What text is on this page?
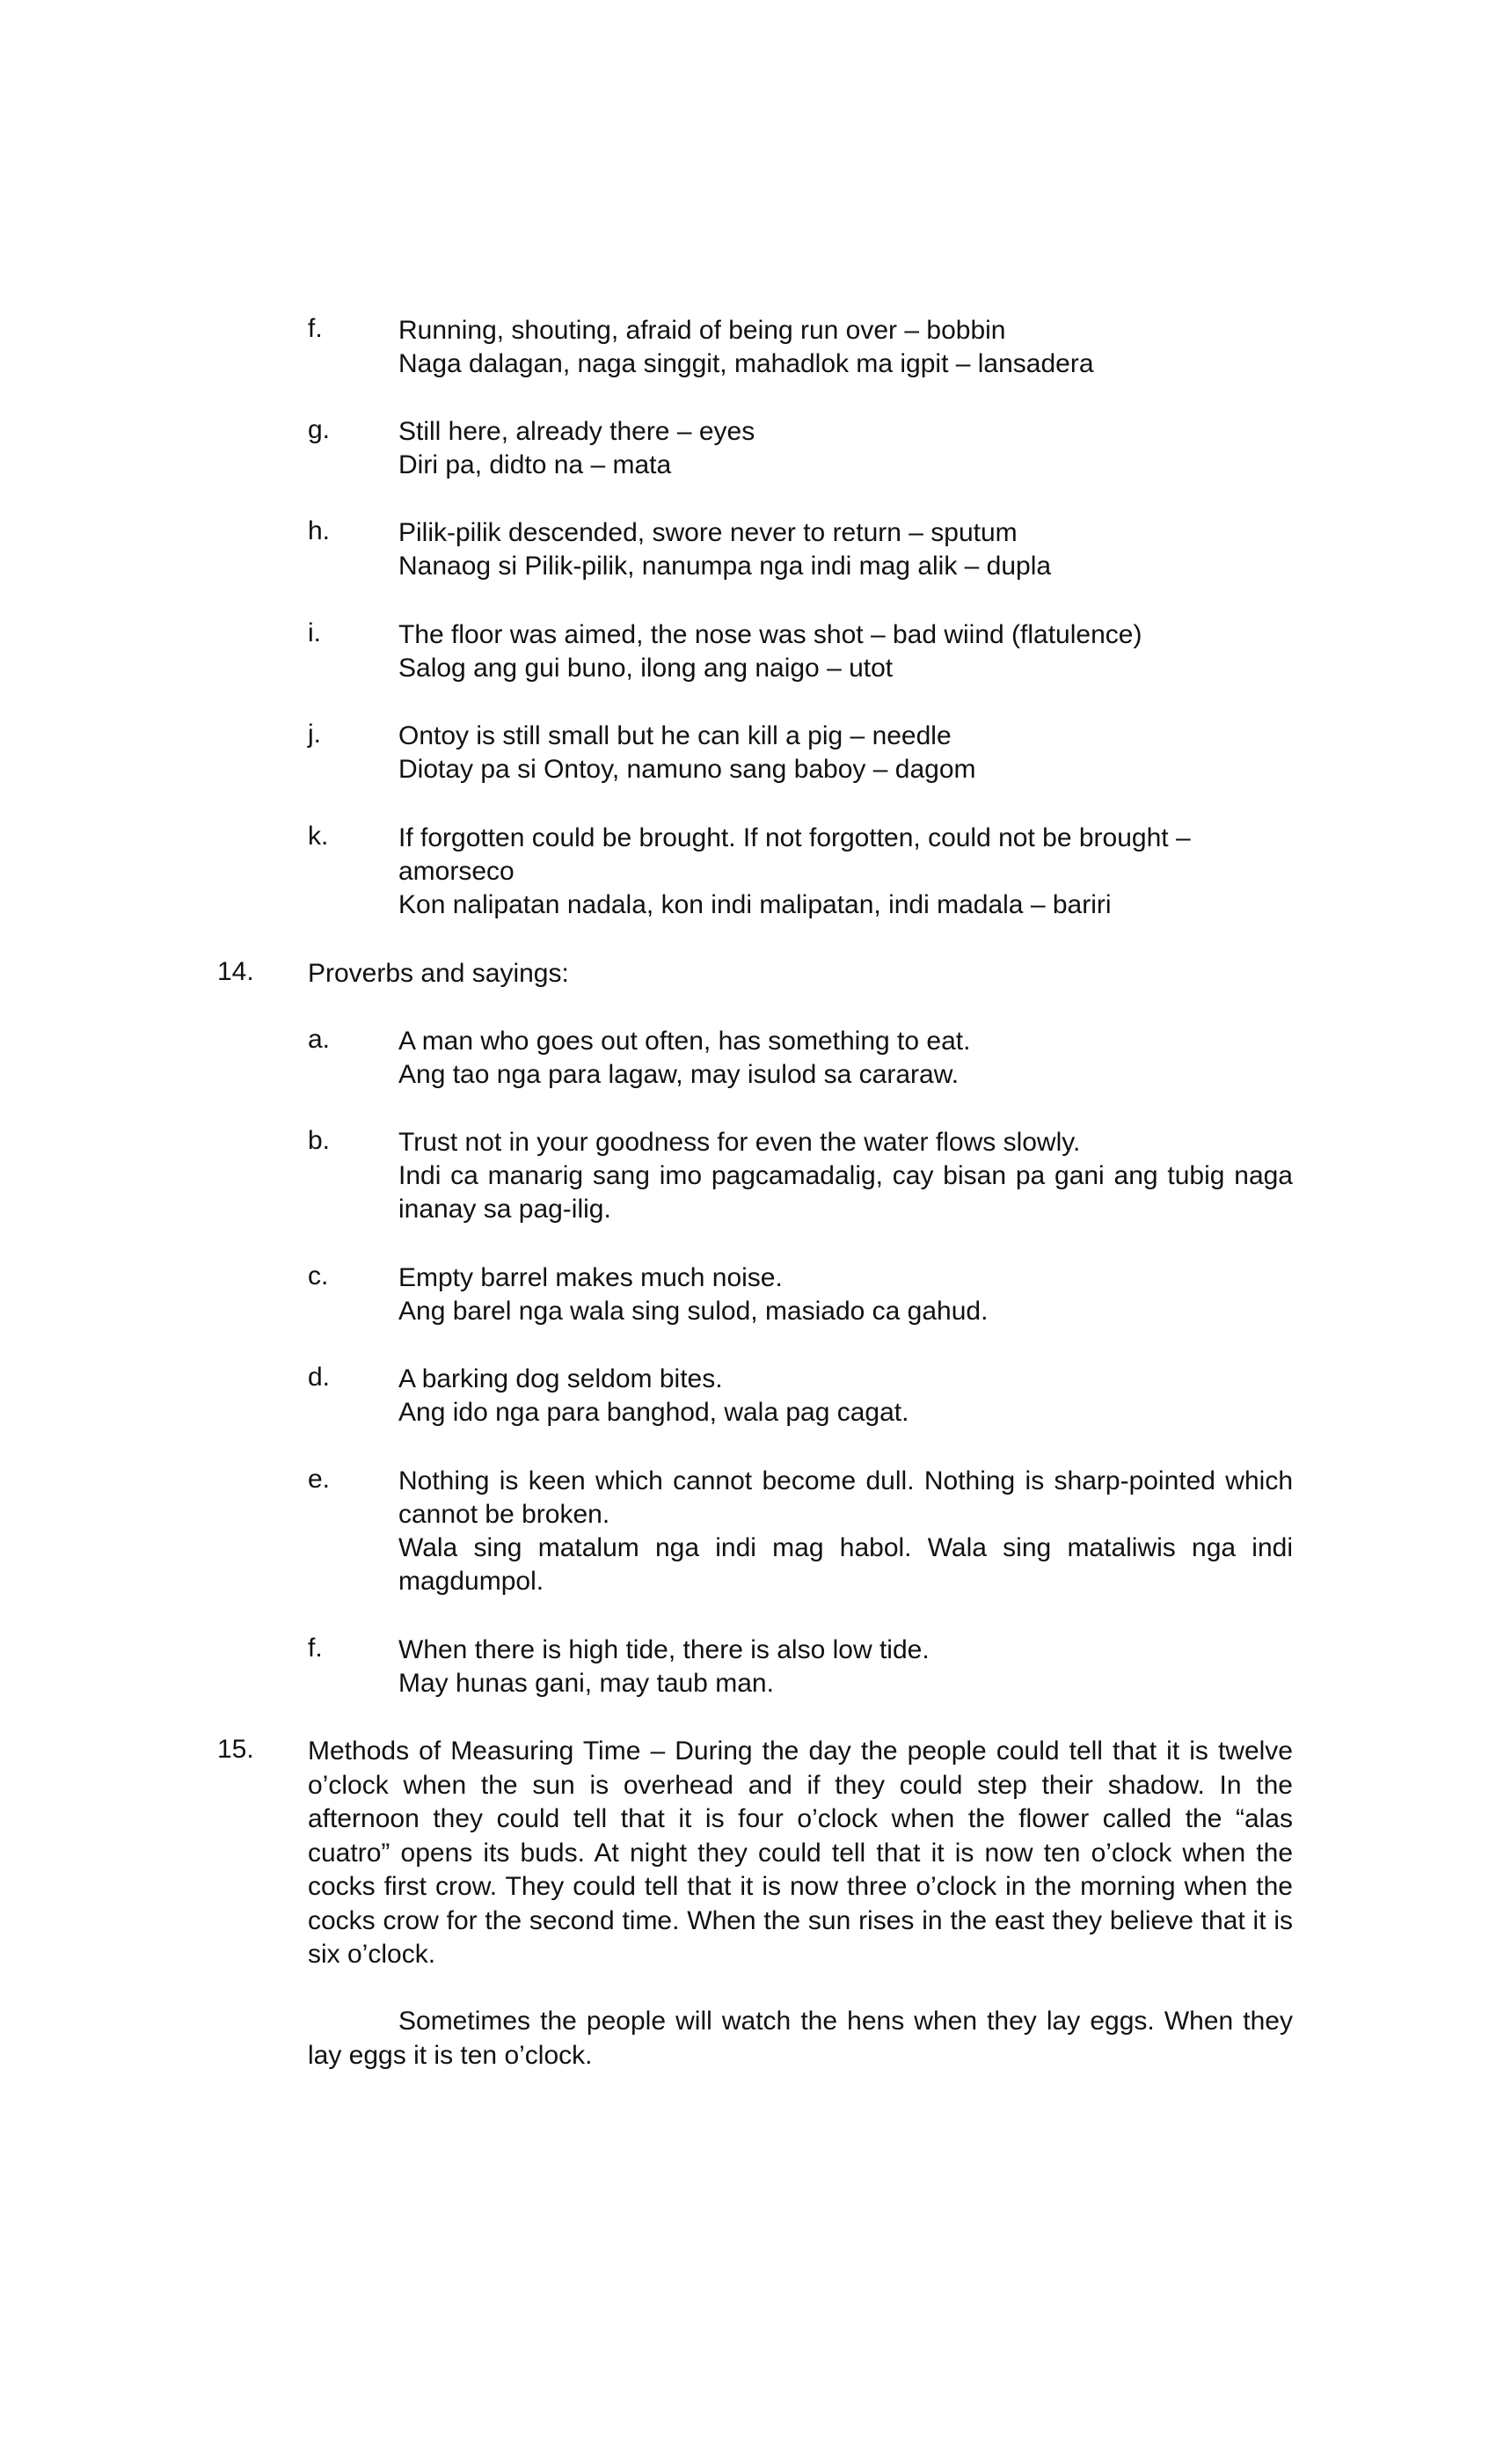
f.	Running, shouting, afraid of being run over – bobbin
Naga dalagan, naga singgit, mahadlok ma igpit – lansadera
g.	Still here, already there – eyes
Diri pa, didto na – mata
h.	Pilik-pilik descended, swore never to return – sputum
Nanaog si Pilik-pilik, nanumpa nga indi mag alik – dupla
i.	The floor was aimed, the nose was shot – bad wiind (flatulence)
Salog ang gui buno, ilong ang naigo – utot
j.	Ontoy is still small but he can kill a pig – needle
Diotay pa si Ontoy, namuno sang baboy – dagom
k.	If forgotten could be brought. If not forgotten, could not be brought – amorseco
Kon nalipatan nadala, kon indi malipatan, indi madala – bariri
14. Proverbs and sayings:
a.	A man who goes out often, has something to eat.
Ang tao nga para lagaw, may isulod sa cararaw.
b.	Trust not in your goodness for even the water flows slowly.
Indi ca manarig sang imo pagcamadalig, cay bisan pa gani ang tubig naga inanay sa pag-ilig.
c.	Empty barrel makes much noise.
Ang barel nga wala sing sulod, masiado ca gahud.
d.	A barking dog seldom bites.
Ang ido nga para banghod, wala pag cagat.
e.	Nothing is keen which cannot become dull. Nothing is sharp-pointed which cannot be broken.
Wala sing matalum nga indi mag habol. Wala sing mataliwis nga indi magdumpol.
f.	When there is high tide, there is also low tide.
May hunas gani, may taub man.
15. Methods of Measuring Time – During the day the people could tell that it is twelve o’clock when the sun is overhead and if they could step their shadow. In the afternoon they could tell that it is four o’clock when the flower called the “alas cuatro” opens its buds. At night they could tell that it is now ten o’clock when the cocks first crow. They could tell that it is now three o’clock in the morning when the cocks crow for the second time. When the sun rises in the east they believe that it is six o’clock.
Sometimes the people will watch the hens when they lay eggs. When they lay eggs it is ten o’clock.
